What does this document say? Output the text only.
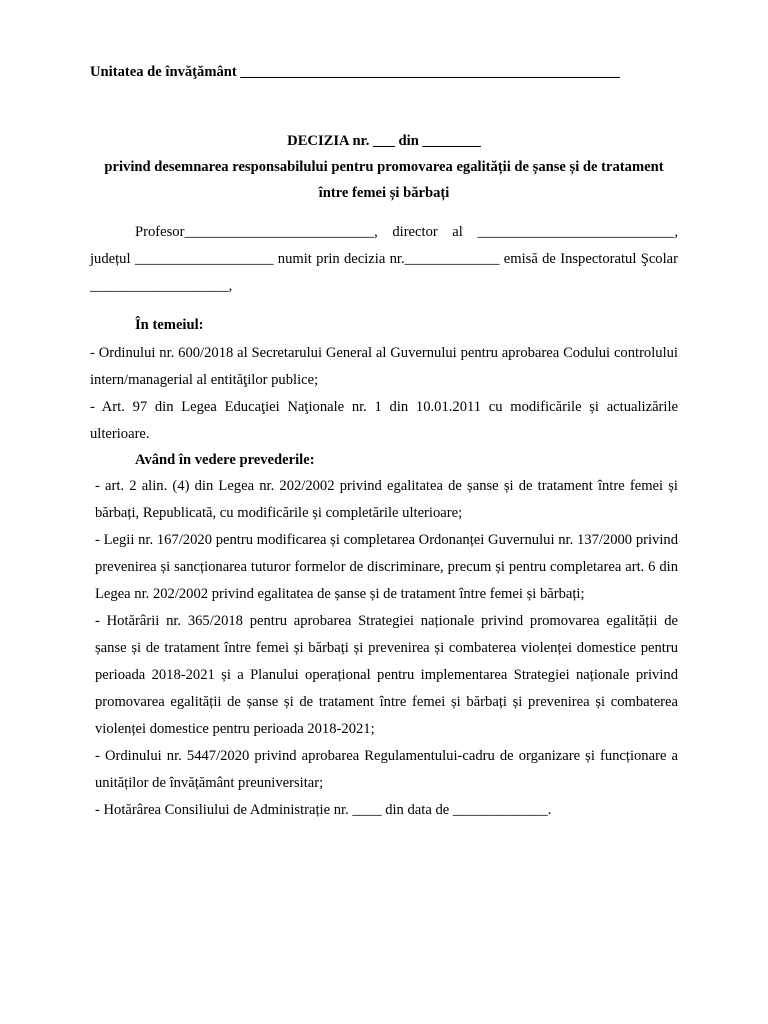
Unitatea de învăţământ ____________________________________________________
DECIZIA nr. ___ din ________
privind desemnarea responsabilului pentru promovarea egalității de șanse și de tratament între femei și bărbați
Profesor__________________________, director al ___________________________, județul ___________________ numit prin decizia nr._____________ emisă de Inspectoratul Şcolar ___________________,
În temeiul:

- Ordinului nr. 600/2018 al Secretarului General al Guvernului pentru aprobarea Codului controlului intern/managerial al entităţilor publice;

- Art. 97 din Legea Educaţiei Naţionale nr. 1 din 10.01.2011 cu modificările și actualizările ulterioare.

Având în vedere prevederile:

- art. 2 alin. (4) din Legea nr. 202/2002 privind egalitatea de șanse și de tratament între femei și bărbați, Republicată, cu modificările și completările ulterioare;

- Legii nr. 167/2020 pentru modificarea și completarea Ordonanței Guvernului nr. 137/2000 privind prevenirea și sancționarea tuturor formelor de discriminare, precum și pentru completarea art. 6 din Legea nr. 202/2002 privind egalitatea de șanse și de tratament între femei și bărbați;

- Hotărârii nr. 365/2018 pentru aprobarea Strategiei naționale privind promovarea egalității de șanse și de tratament între femei și bărbați și prevenirea și combaterea violenței domestice pentru perioada 2018-2021 și a Planului operațional pentru implementarea Strategiei naționale privind promovarea egalității de șanse și de tratament între femei și bărbați și prevenirea și combaterea violenței domestice pentru perioada 2018-2021;

- Ordinului nr. 5447/2020 privind aprobarea Regulamentului-cadru de organizare și funcționare a unităților de învățământ preuniversitar;

- Hotărârea Consiliului de Administrație nr. ____ din data de _____________.
